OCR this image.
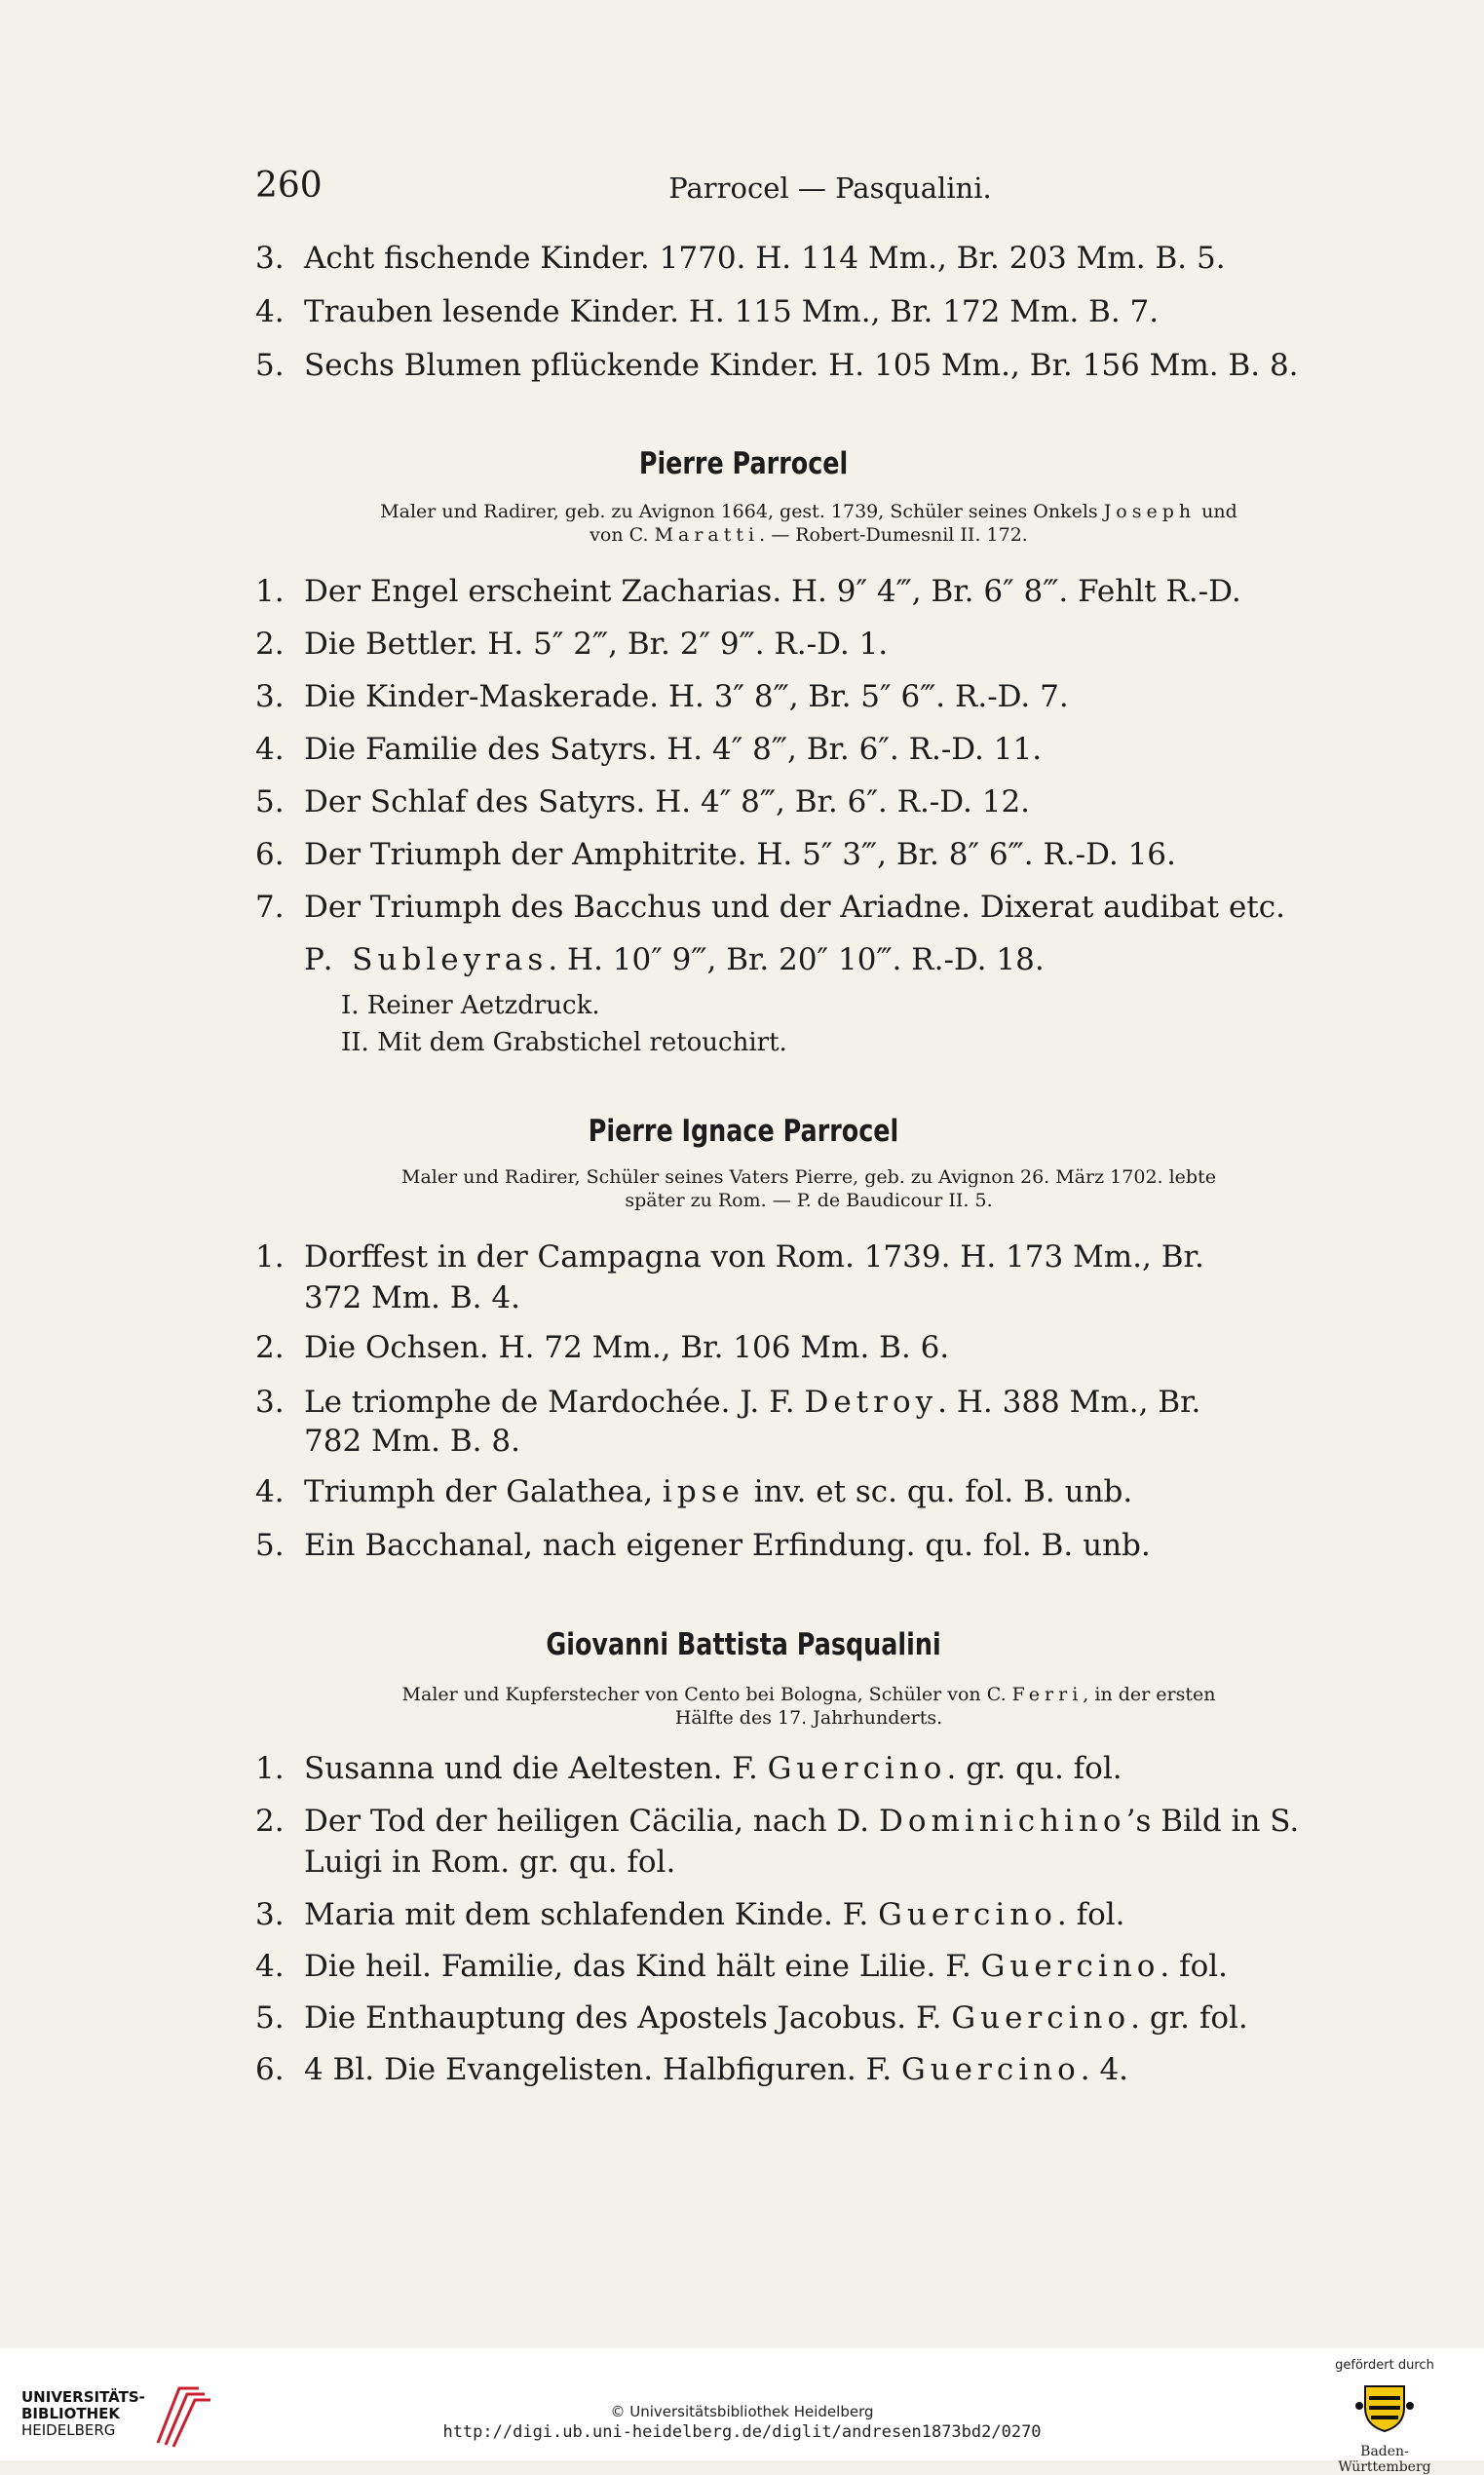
260	Parrocel — Pasqualini.
3. Acht fischende Kinder. 1770. H. 114 Mm., Br. 203 Mm. B. 5.
4. Trauben lesende Kinder. H. 115 Mm., Br. 172 Mm. B. 7.
5. Sechs Blumen pflückende Kinder. H. 105 Mm., Br. 156 Mm. B. 8.
Pierre Parrocel
Maler und Radirer, geb. zu Avignon 1664, gest. 1739, Schüler seines Onkels Joseph und
von C. Maratti. — Robert-Dumesnil II. 172.
1. Der Engel erscheint Zacharias. H. 9″ 4‴, Br. 6″ 8‴. Fehlt R.-D.
2. Die Bettler. H. 5″ 2‴, Br. 2″ 9‴. R.-D. 1.
3. Die Kinder-Maskerade. H. 3″ 8‴, Br. 5″ 6‴. R.-D. 7.
4. Die Familie des Satyrs. H. 4″ 8‴, Br. 6″. R.-D. 11.
5. Der Schlaf des Satyrs. H. 4″ 8‴, Br. 6″. R.-D. 12.
6. Der Triumph der Amphitrite. H. 5″ 3‴, Br. 8″ 6‴. R.-D. 16.
7. Der Triumph des Bacchus und der Ariadne. Dixerat audibat etc.
P. Subleyras. H. 10″ 9‴, Br. 20″ 10‴. R.-D. 18.
I. Reiner Aetzdruck.
II. Mit dem Grabstichel retouchirt.
Pierre Ignace Parrocel
Maler und Radirer, Schüler seines Vaters Pierre, geb. zu Avignon 26. März 1702. lebte
später zu Rom. — P. de Baudicour II. 5.
1. Dorffest in der Campagna von Rom. 1739. H. 173 Mm., Br.
372 Mm. B. 4.
2. Die Ochsen. H. 72 Mm., Br. 106 Mm. B. 6.
3. Le triomphe de Mardochée. J. F. Detroy. H. 388 Mm., Br.
782 Mm. B. 8.
4. Triumph der Galathea, ipse inv. et sc. qu. fol. B. unb.
5. Ein Bacchanal, nach eigener Erfindung. qu. fol. B. unb.
Giovanni Battista Pasqualini
Maler und Kupferstecher von Cento bei Bologna, Schüler von C. Ferri, in der ersten
Hälfte des 17. Jahrhunderts.
1. Susanna und die Aeltesten. F. Guercino. gr. qu. fol.
2. Der Tod der heiligen Cäcilia, nach D. Dominichino’s Bild in S.
Luigi in Rom. gr. qu. fol.
3. Maria mit dem schlafenden Kinde. F. Guercino. fol.
4. Die heil. Familie, das Kind hält eine Lilie. F. Guercino. fol.
5. Die Enthauptung des Apostels Jacobus. F. Guercino. gr. fol.
6. 4 Bl. Die Evangelisten. Halbfiguren. F. Guercino. 4.
UNIVERSITÄTS-
BIBLIOTHEK
HEIDELBERG
© Universitätsbibliothek Heidelberg
http://digi.ub.uni-heidelberg.de/diglit/andresen1873bd2/0270
gefördert durch
Baden-Württemberg
